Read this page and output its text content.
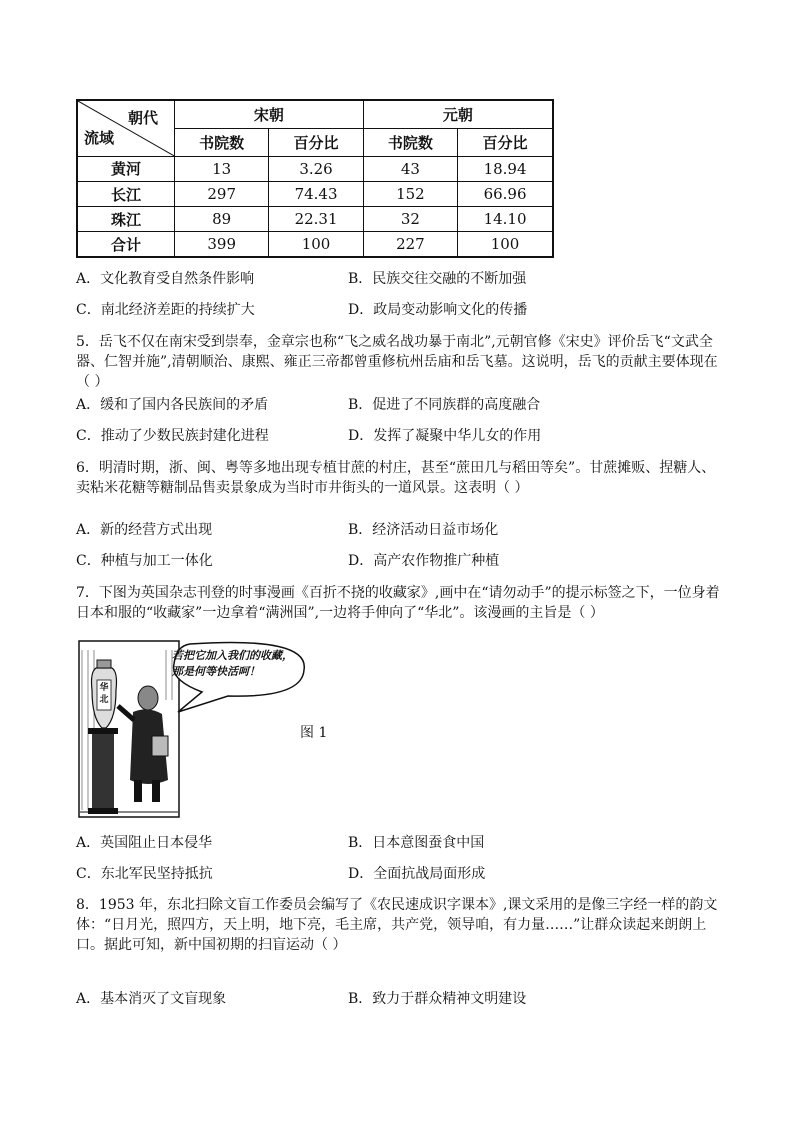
朝代
流域	宋朝		元朝	
	书院数	百分比	书院数	百分比
黄河	13	3.26	43	18.94
长江	297	74.43	152	66.96
珠江	89	22.31	32	14.10
合计	399	100	227	100
A．文化教育受自然条件影响	B．民族交往交融的不断加强
C．南北经济差距的持续扩大	D．政局变动影响文化的传播
5．岳飞不仅在南宋受到崇奉，金章宗也称“飞之威名战功暴于南北”,元朝官修《宋史》评价岳飞“文武全器、仁智并施”,清朝顺治、康熙、雍正三帝都曾重修杭州岳庙和岳飞墓。这说明，岳飞的贡献主要体现在（ ）
A．缓和了国内各民族间的矛盾	B．促进了不同族群的高度融合
C．推动了少数民族封建化进程	D．发挥了凝聚中华儿女的作用
6．明清时期，浙、闽、粤等多地出现专植甘蔗的村庄，甚至“蔗田几与稻田等矣”。甘蔗摊贩、捏糖人、卖粘米花糖等糖制品售卖景象成为当时市井街头的一道风景。这表明（ ）
A．新的经营方式出现	B．经济活动日益市场化
C．种植与加工一体化	D．高产农作物推广种植
7．下图为英国杂志刊登的时事漫画《百折不挠的收藏家》,画中在“请勿动手”的提示标签之下，一位身着日本和服的“收藏家”一边拿着“满洲国”,一边将手伸向了“华北”。该漫画的主旨是（ ）
若把它加入我们的收藏，那是何等快活呵！
华北
图 1
A．英国阻止日本侵华	B．日本意图蚕食中国
C．东北军民坚持抵抗	D．全面抗战局面形成
8．1953 年，东北扫除文盲工作委员会编写了《农民速成识字课本》,课文采用的是像三字经一样的韵文体：“日月光，照四方，天上明，地下亮，毛主席，共产党，领导咱，有力量……”让群众读起来朗朗上口。据此可知，新中国初期的扫盲运动（ ）
A．基本消灭了文盲现象	B．致力于群众精神文明建设
